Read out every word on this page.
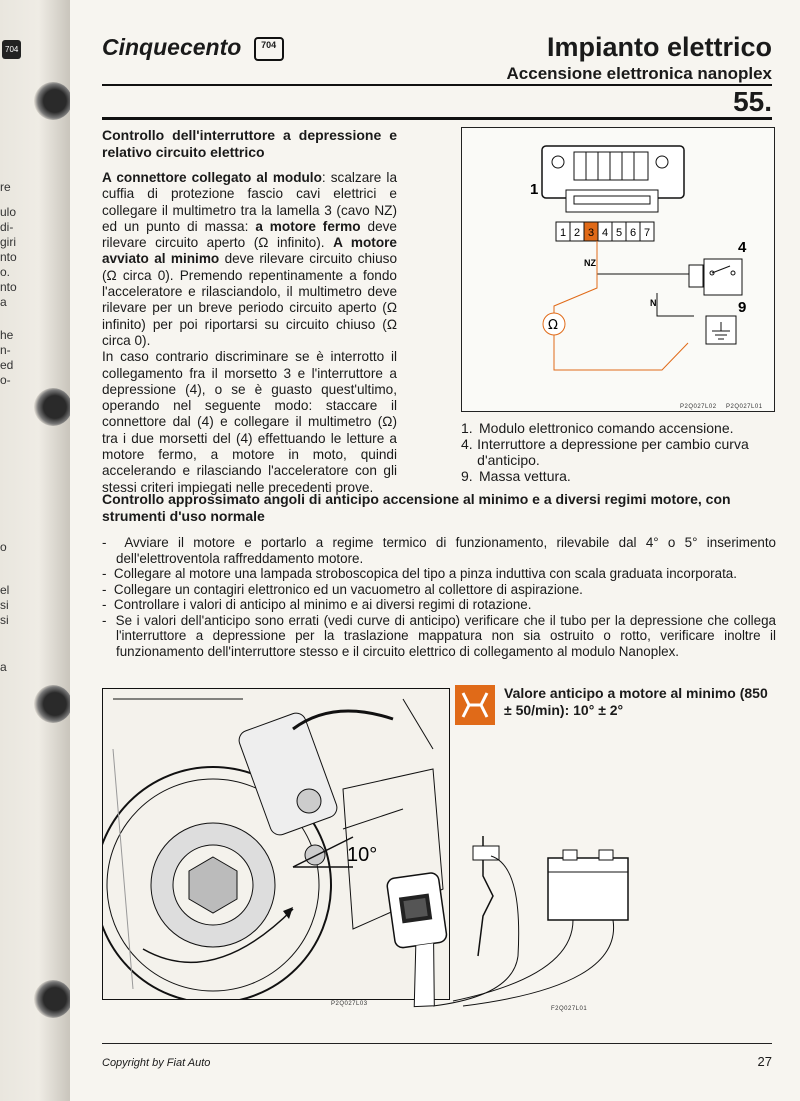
704
re
ulo
di-
giri
nto
o.
nto
a
he
n-
ed
o-
o
el
si
si
a
Cinquecento 704	Impianto elettrico
Accensione elettronica nanoplex
55.
Controllo dell'interruttore a depressione e relativo circuito elettrico

A connettore collegato al modulo: scalzare la cuffia di protezione fascio cavi elettrici e collegare il multimetro tra la lamella 3 (cavo NZ) ed un punto di massa: a motore fermo deve rilevare circuito aperto (Ω infinito). A motore avviato al minimo deve rilevare circuito chiuso (Ω circa 0). Premendo repentinamente a fondo l'acceleratore e rilasciandolo, il multimetro deve rilevare per un breve periodo circuito aperto (Ω infinito) per poi riportarsi su circuito chiuso (Ω circa 0).

In caso contrario discriminare se è interrotto il collegamento fra il morsetto 3 e l'interruttore a depressione (4), o se è guasto quest'ultimo, operando nel seguente modo: staccare il connettore dal (4) e collegare il multimetro (Ω) tra i due morsetti del (4) effettuando le letture a motore fermo, a motore in moto, quindi accelerando e rilasciando l'acceleratore con gli stessi criteri impiegati nelle precedenti prove.

1
1 2 3 4 5 6 7
NZ
Ω
4
N	9
P2Q027L02 P2Q027L01
1. Modulo elettronico comando accensione.
4. Interruttore a depressione per cambio curva d'anticipo.
9. Massa vettura.
Controllo approssimato angoli di anticipo accensione al minimo e a diversi regimi motore, con strumenti d'uso normale
- Avviare il motore e portarlo a regime termico di funzionamento, rilevabile dal 4° o 5° inserimento dell'elettroventola raffreddamento motore.
- Collegare al motore una lampada stroboscopica del tipo a pinza induttiva con scala graduata incorporata.
- Collegare un contagiri elettronico ed un vacuometro al collettore di aspirazione.
- Controllare i valori di anticipo al minimo e ai diversi regimi di rotazione.
- Se i valori dell'anticipo sono errati (vedi curve di anticipo) verificare che il tubo per la depressione che collega l'interruttore a depressione per la traslazione mappatura non sia ostruito o rotto, verificare inoltre il funzionamento dell'interruttore stesso e il circuito elettrico di collegamento al modulo Nanoplex.
10°
P2Q027L03
Valore anticipo a motore al minimo (850 ± 50/min): 10° ± 2°
F2Q027L01
Copyright by Fiat Auto	27
